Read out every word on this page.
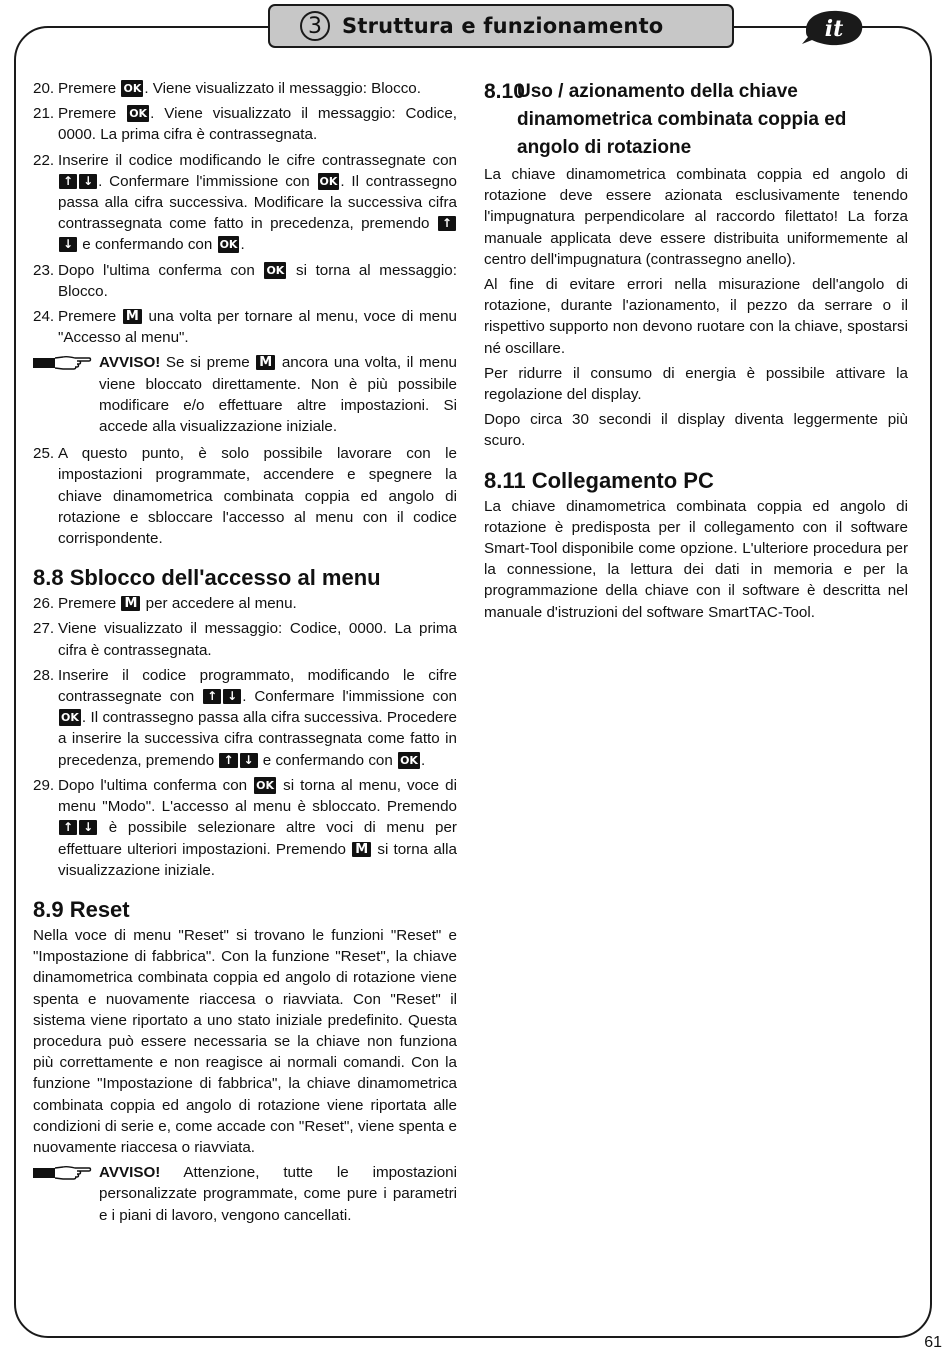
3 Struttura e funzionamento	it
20. Premere OK . Viene visualizzato il messaggio: Blocco.
21. Premere OK . Viene visualizzato il messaggio: Codice, 0000. La prima cifra è contrassegnata.
22. Inserire il codice modificando le cifre contrassegnate con ↑ ↓ . Confermare l'immissione con OK . Il contrassegno passa alla cifra successiva. Modificare la successiva cifra contrassegnata come fatto in precedenza, premendo ↑ ↓ e confermando con OK .
23. Dopo l'ultima conferma con OK si torna al messaggio: Blocco.
24. Premere M una volta per tornare al menu, voce di menu "Accesso al menu".
AVVISO! Se si preme M ancora una volta, il menu viene bloccato direttamente. Non è più possibile modificare e/o effettuare altre impostazioni. Si accede alla visualizzazione iniziale.
25. A questo punto, è solo possibile lavorare con le impostazioni programmate, accendere e spegnere la chiave dinamometrica combinata coppia ed angolo di rotazione e sbloccare l'accesso al menu con il codice corrispondente.
8.8 Sblocco dell'accesso al menu
26. Premere M per accedere al menu.
27. Viene visualizzato il messaggio: Codice, 0000. La prima cifra è contrassegnata.
28. Inserire il codice programmato, modificando le cifre contrassegnate con ↑ ↓ . Confermare l'immissione con OK . Il contrassegno passa alla cifra successiva. Procedere a inserire la successiva cifra contrassegnata come fatto in precedenza, premendo ↑ ↓ e confermando con OK .
29. Dopo l'ultima conferma con OK si torna al menu, voce di menu "Modo". L'accesso al menu è sbloccato. Premendo ↑ ↓ è possibile selezionare altre voci di menu per effettuare ulteriori impostazioni. Premendo M si torna alla visualizzazione iniziale.
8.9 Reset

Nella voce di menu "Reset" si trovano le funzioni "Reset" e "Impostazione di fabbrica". Con la funzione "Reset", la chiave dinamometrica combinata coppia ed angolo di rotazione viene spenta e nuovamente riaccesa o riavviata. Con "Reset" il sistema viene riportato a uno stato iniziale predefinito. Questa procedura può essere necessaria se la chiave non funziona più correttamente e non reagisce ai normali comandi. Con la funzione "Impostazione di fabbrica", la chiave dinamometrica combinata coppia ed angolo di rotazione viene riportata alle condizioni di serie e, come accade con "Reset", viene spenta e nuovamente riaccesa o riavviata.

AVVISO! Attenzione, tutte le impostazioni personalizzate programmate, come pure i parametri e i piani di lavoro, vengono cancellati.
8.10
Uso / azionamento della chiave dinamometrica combinata coppia ed angolo di rotazione

La chiave dinamometrica combinata coppia ed angolo di rotazione deve essere azionata esclusivamente tenendo l'impugnatura perpendicolare al raccordo filettato! La forza manuale applicata deve essere distribuita uniformemente al centro dell'impugnatura (contrassegno anello).

Al fine di evitare errori nella misurazione dell'angolo di rotazione, durante l'azionamento, il pezzo da serrare o il rispettivo supporto non devono ruotare con la chiave, spostarsi né oscillare.

Per ridurre il consumo di energia è possibile attivare la regolazione del display.

Dopo circa 30 secondi il display diventa leggermente più scuro.

8.11 Collegamento PC

La chiave dinamometrica combinata coppia ed angolo di rotazione è predisposta per il collegamento con il software Smart-Tool disponibile come opzione. L'ulteriore procedura per la connessione, la lettura dei dati in memoria e per la programmazione della chiave con il software è descritta nel manuale d'istruzioni del software SmartTAC-Tool.

61
